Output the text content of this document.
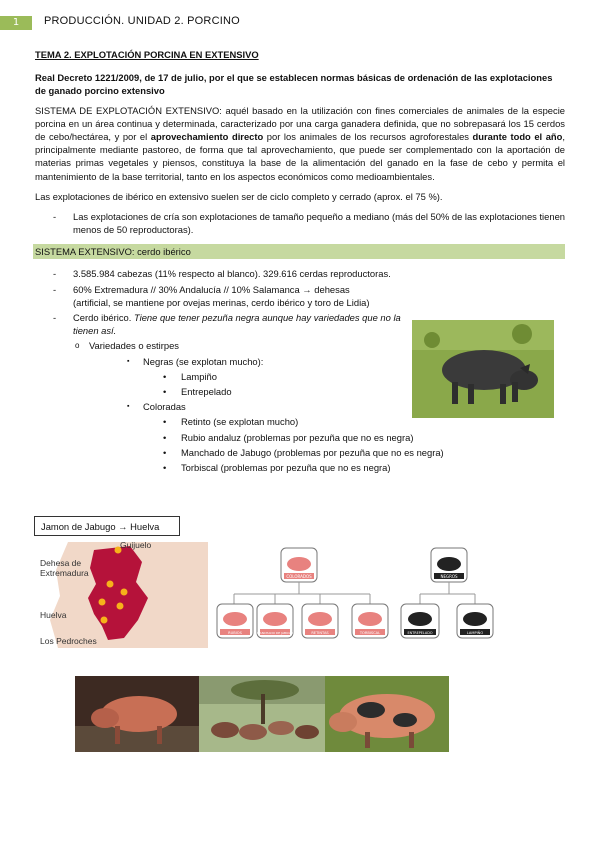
1	PRODUCCIÓN. UNIDAD 2. PORCINO
TEMA 2. EXPLOTACIÓN PORCINA EN EXTENSIVO
Real Decreto 1221/2009, de 17 de julio, por el que se establecen normas básicas de ordenación de las explotaciones de ganado porcino extensivo

SISTEMA DE EXPLOTACIÓN EXTENSIVO: aquél basado en la utilización con fines comerciales de animales de la especie porcina en un área continua y determinada, caracterizado por una carga ganadera definida, que no sobrepasará los 15 cerdos de cebo/hectárea, y por el aprovechamiento directo por los animales de los recursos agroforestales durante todo el año, principalmente mediante pastoreo, de forma que tal aprovechamiento, que puede ser complementado con la aportación de materias primas vegetales y piensos, constituya la base de la alimentación del ganado en la fase de cebo y permita el mantenimiento de la base territorial, tanto en los aspectos económicos como medioambientales.

Las explotaciones de ibérico en extensivo suelen ser de ciclo completo y cerrado (aprox. el 75 %).

- Las explotaciones de cría son explotaciones de tamaño pequeño a mediano (más del 50% de las explotaciones tienen menos de 50 reproductoras).
SISTEMA EXTENSIVO: cerdo ibérico
- 3.585.984 cabezas (11% respecto al blanco). 329.616 cerdas reproductoras.
- 60% Extremadura // 30% Andalucía // 10% Salamanca → dehesas
(artificial, se mantiene por ovejas merinas, cerdo ibérico y toro de Lidia)
- Cerdo ibérico. Tiene que tener pezuña negra aunque hay variedades que no la tienen así.
o Variedades o estirpes
▪ Negras (se explotan mucho):
• Lampiño
• Entrepelado
▪ Coloradas
• Retinto (se explotan mucho)
• Rubio andaluz (problemas por pezuña que no es negra)
• Manchado de Jabugo (problemas por pezuña que no es negra)
• Torbiscal (problemas por pezuña que no es negra)
Jamon de Jabugo → Huelva
Guijuelo
Dehesa de Extremadura
Huelva
Los Pedroches
COLORADOS	NEGROS
RUBIOS	MANCHADO DE JABUGO	RETINTAS	TORBISCAL	ENTREPELADO	LAMPIÑO
